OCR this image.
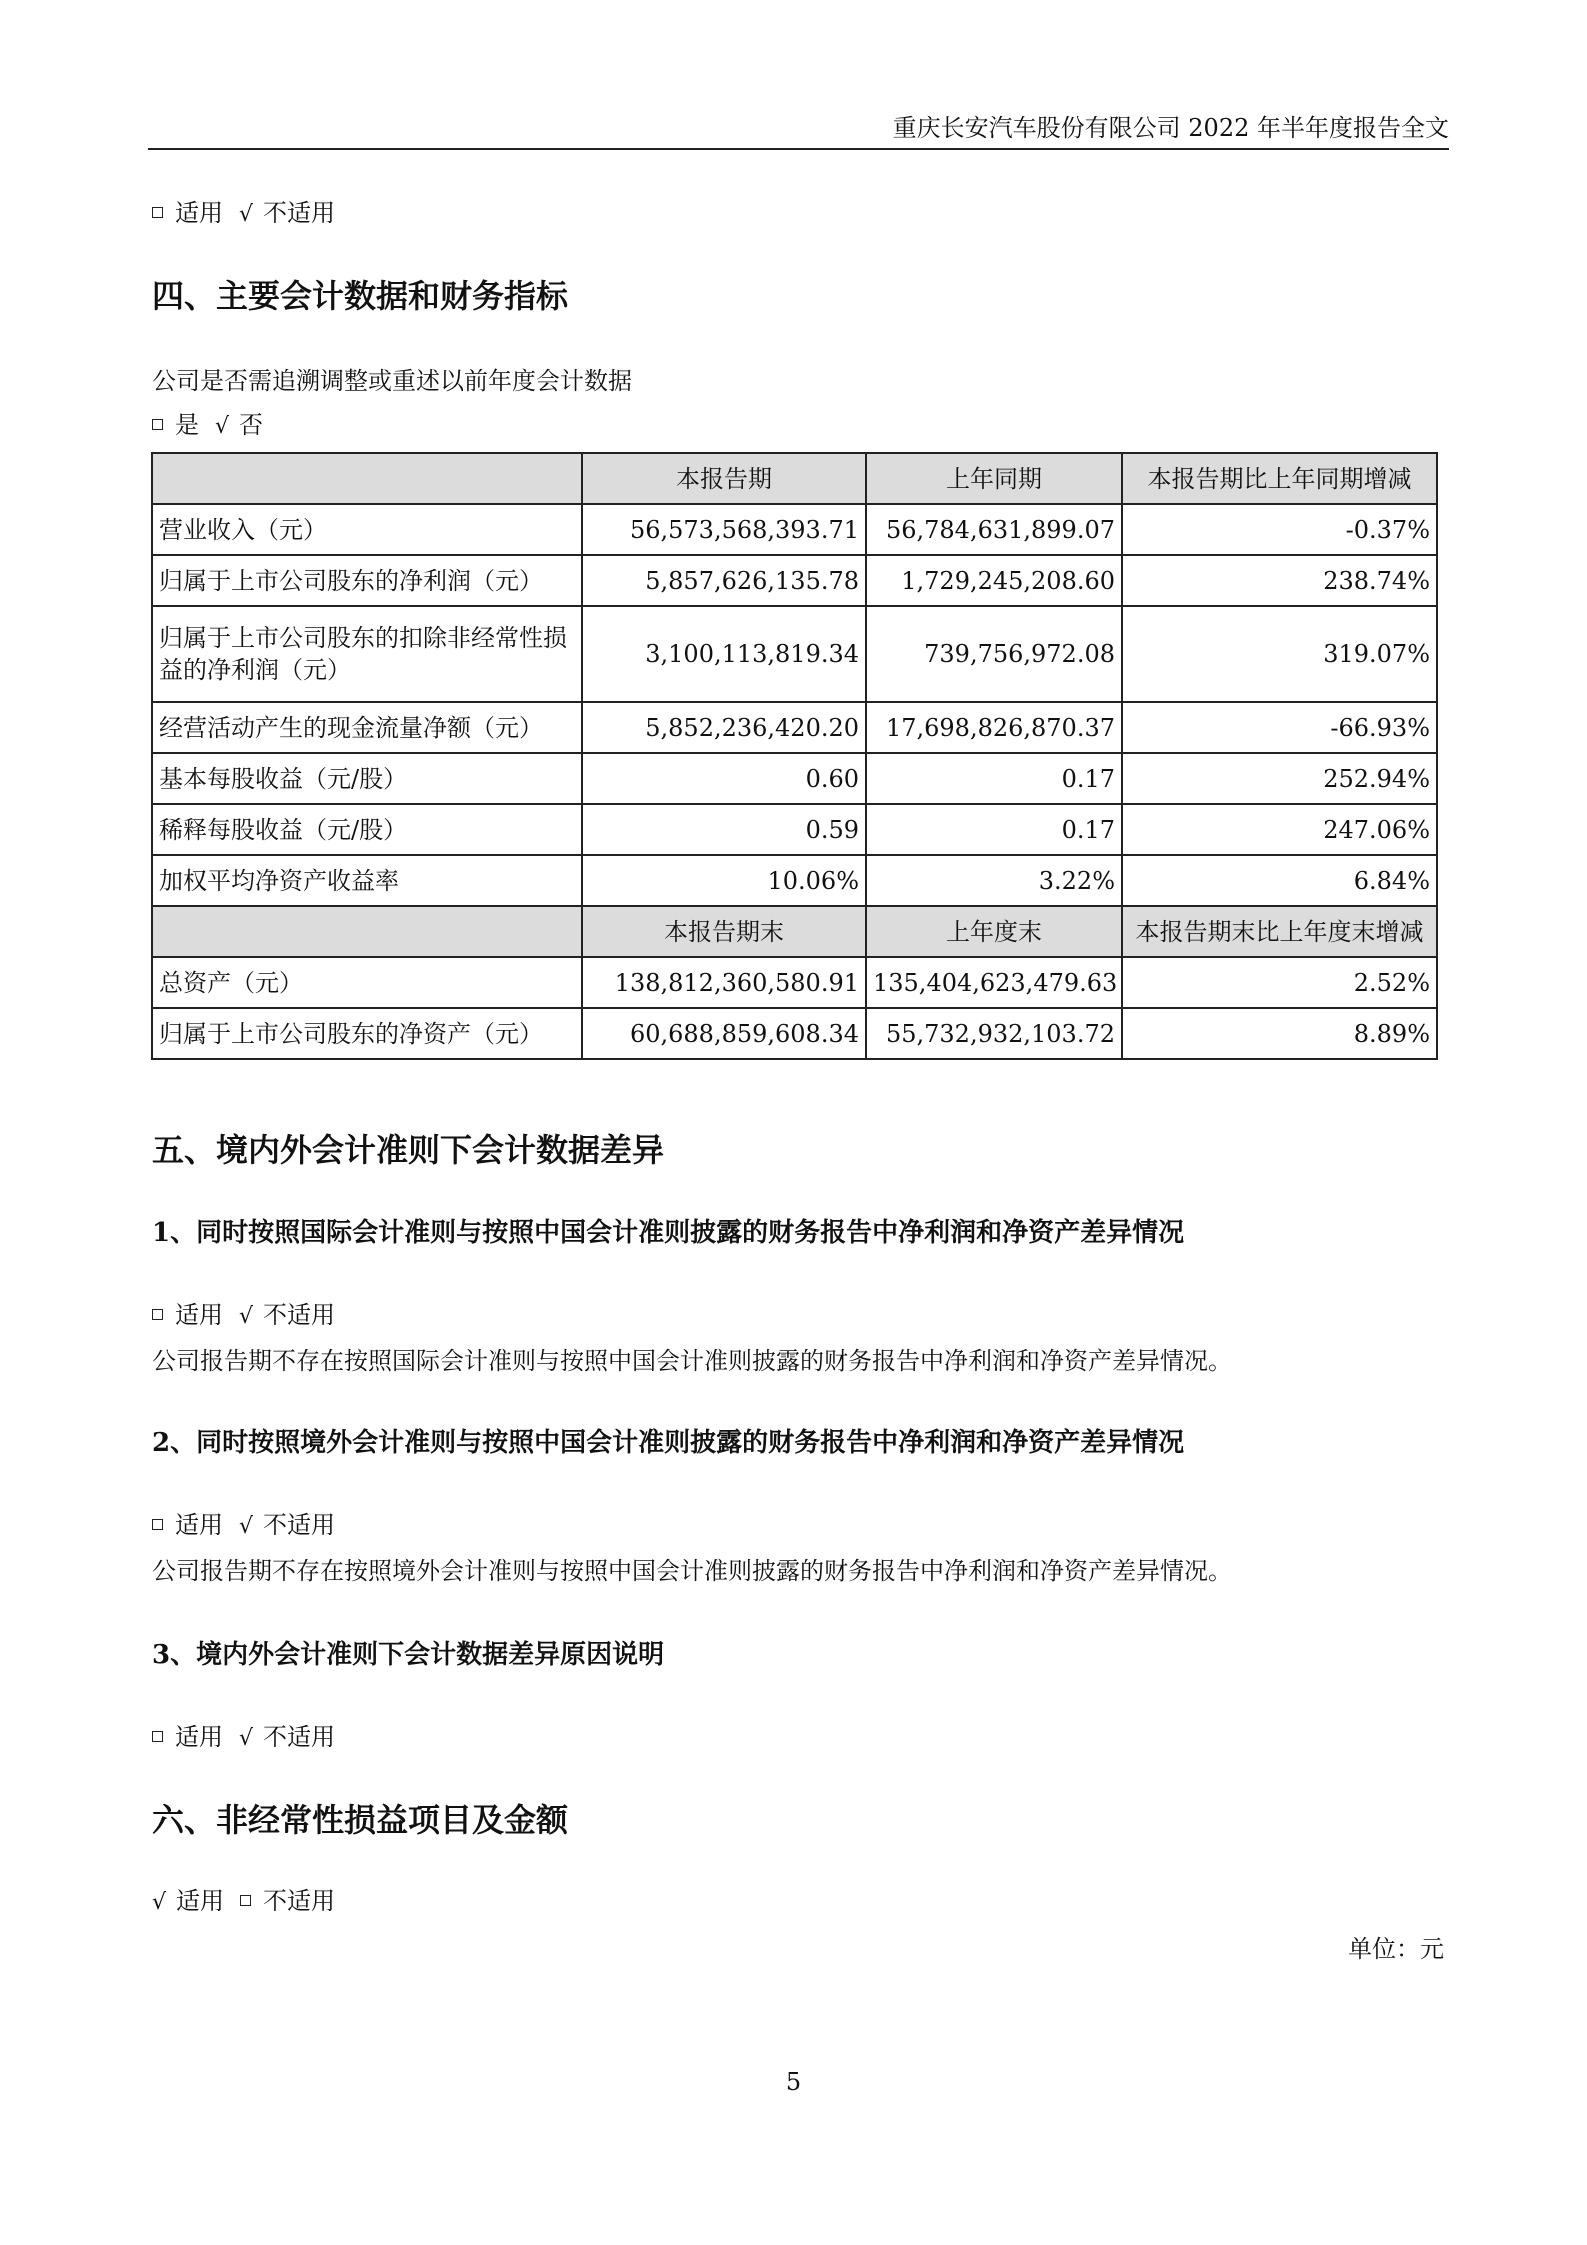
重庆长安汽车股份有限公司 2022 年半年度报告全文
适用 √ 不适用
四、主要会计数据和财务指标
公司是否需追溯调整或重述以前年度会计数据
是 √ 否
	本报告期	上年同期	本报告期比上年同期增减
营业收入（元）	56,573,568,393.71	56,784,631,899.07	-0.37%
归属于上市公司股东的净利润（元）	5,857,626,135.78	1,729,245,208.60	238.74%
归属于上市公司股东的扣除非经常性损益的净利润（元）	3,100,113,819.34	739,756,972.08	319.07%
经营活动产生的现金流量净额（元）	5,852,236,420.20	17,698,826,870.37	-66.93%
基本每股收益（元/股）	0.60	0.17	252.94%
稀释每股收益（元/股）	0.59	0.17	247.06%
加权平均净资产收益率	10.06%	3.22%	6.84%
	本报告期末	上年度末	本报告期末比上年度末增减
总资产（元）	138,812,360,580.91	135,404,623,479.63	2.52%
归属于上市公司股东的净资产（元）	60,688,859,608.34	55,732,932,103.72	8.89%
五、境内外会计准则下会计数据差异
1、同时按照国际会计准则与按照中国会计准则披露的财务报告中净利润和净资产差异情况
适用 √ 不适用
公司报告期不存在按照国际会计准则与按照中国会计准则披露的财务报告中净利润和净资产差异情况。
2、同时按照境外会计准则与按照中国会计准则披露的财务报告中净利润和净资产差异情况
适用 √ 不适用
公司报告期不存在按照境外会计准则与按照中国会计准则披露的财务报告中净利润和净资产差异情况。
3、境内外会计准则下会计数据差异原因说明
适用 √ 不适用
六、非经常性损益项目及金额
√ 适用 不适用
单位：元
5
